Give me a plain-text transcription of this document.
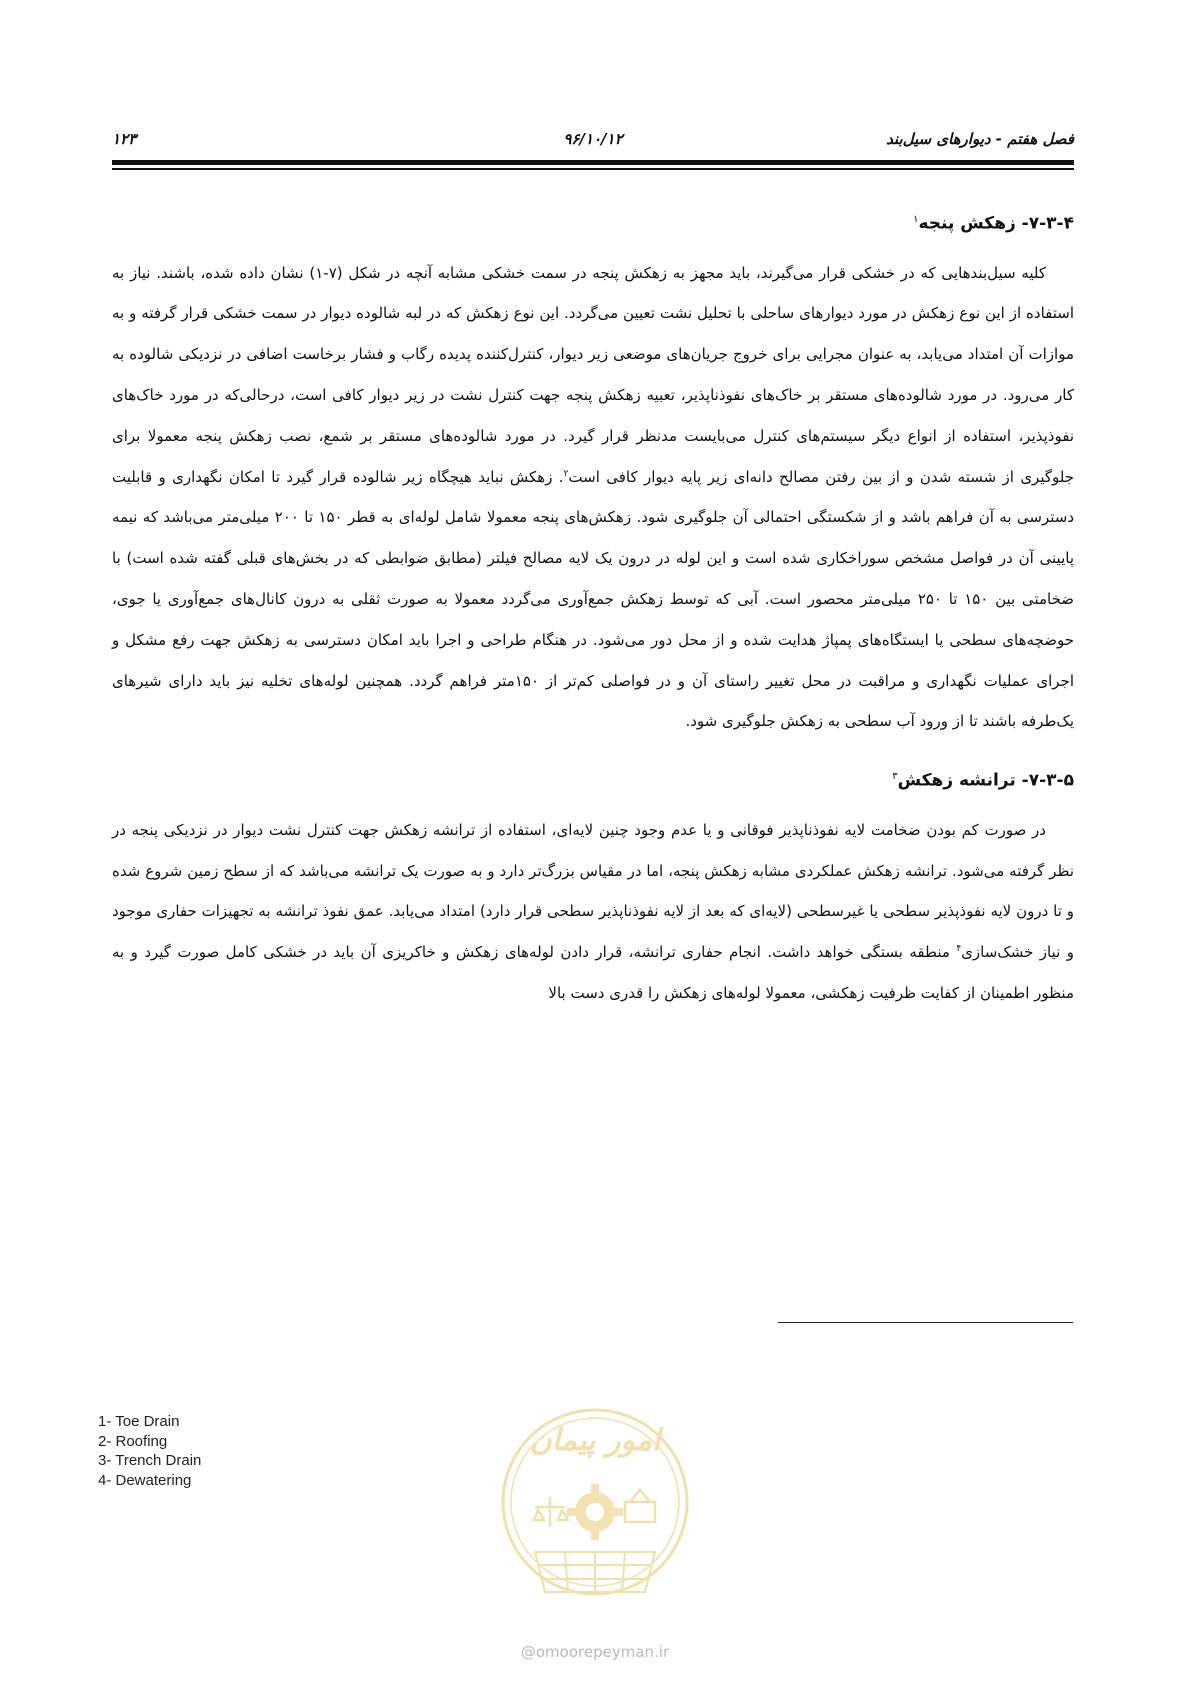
فصل هفتم - دیوارهای سیل‌بند
۹۶/۱۰/۱۲
۱۲۳
۷-۳-۴- زهکش پنجه$^۱$

کلیه سیل‌بندهایی که در خشکی قرار می‌گیرند، باید مجهز به زهکش پنجه در سمت خشکی مشابه آنچه در شکل (۷-۱) نشان داده شده، باشند. نیاز به استفاده از این نوع زهکش در مورد دیوارهای ساحلی با تحلیل نشت تعیین می‌گردد. این نوع زهکش که در لبه شالوده دیوار در سمت خشکی قرار گرفته و به موازات آن امتداد می‌یابد، به عنوان مجرایی برای خروج جریان‌های موضعی زیر دیوار، کنترل‌کننده پدیده رگاب و فشار برخاست اضافی در نزدیکی شالوده به کار می‌رود. در مورد شالوده‌های مستقر بر خاک‌های نفوذناپذیر، تعبیه زهکش پنجه جهت کنترل نشت در زیر دیوار کافی است، درحالی‌که در مورد خاک‌های نفوذپذیر، استفاده از انواع دیگر سیستم‌های کنترل می‌بایست مدنظر قرار گیرد. در مورد شالوده‌های مستقر بر شمع، نصب زهکش پنجه معمولا برای جلوگیری از شسته شدن و از بین رفتن مصالح دانه‌ای زیر پایه دیوار کافی است$^۲$. زهکش نباید هیچگاه زیر شالوده قرار گیرد تا امکان نگهداری و قابلیت دسترسی به آن فراهم باشد و از شکستگی احتمالی آن جلوگیری شود. زهکش‌های پنجه معمولا شامل لوله‌ای به قطر ۱۵۰ تا ۲۰۰ میلی‌متر می‌باشد که نیمه پایینی آن در فواصل مشخص سوراخکاری شده است و این لوله در درون یک لایه مصالح فیلتر (مطابق ضوابطی که در بخش‌های قبلی گفته شده است) با ضخامتی بین ۱۵۰ تا ۲۵۰ میلی‌متر محصور است. آبی که توسط زهکش جمع‌آوری می‌گردد معمولا به صورت ثقلی به درون کانال‌های جمع‌آوری یا جوی، حوضچه‌های سطحی یا ایستگاه‌های پمپاژ هدایت شده و از محل دور می‌شود. در هنگام طراحی و اجرا باید امکان دسترسی به زهکش جهت رفع مشکل و اجرای عملیات نگهداری و مراقبت در محل تغییر راستای آن و در فواصلی کم‌تر از ۱۵۰متر فراهم گردد. همچنین لوله‌های تخلیه نیز باید دارای شیرهای یک‌طرفه باشند تا از ورود آب سطحی به زهکش جلوگیری شود.

۷-۳-۵- ترانشه زهکش$^۳$

در صورت کم بودن ضخامت لایه نفوذناپذیر فوقانی و یا عدم وجود چنین لایه‌ای، استفاده از ترانشه زهکش جهت کنترل نشت دیوار در نزدیکی پنجه در نظر گرفته می‌شود. ترانشه زهکش عملکردی مشابه زهکش پنجه، اما در مقیاس بزرگ‌تر دارد و به صورت یک ترانشه می‌باشد که از سطح زمین شروع شده و تا درون لایه نفوذپذیر سطحی یا غیرسطحی (لایه‌ای که بعد از لایه نفوذناپذیر سطحی قرار دارد) امتداد می‌یابد. عمق نفوذ ترانشه به تجهیزات حفاری موجود و نیاز خشک‌سازی$^۴$ منطقه بستگی خواهد داشت. انجام حفاری ترانشه، قرار دادن لوله‌های زهکش و خاکریزی آن باید در خشکی کامل صورت گیرد و به منظور اطمینان از کفایت ظرفیت زهکشی، معمولا لوله‌های زهکش را قدری دست بالا

1- Toe Drain
2- Roofing
3- Trench Drain
4- Dewatering
امور پیمان
@omoorepeyman.ir
